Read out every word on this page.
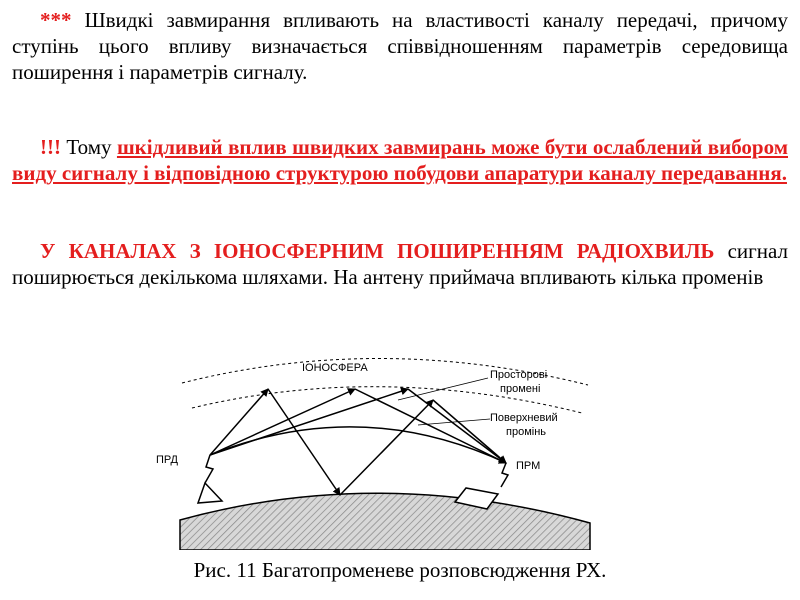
*** Швидкі завмирання впливають на властивості каналу передачі, причому ступінь цього впливу визначається співвідношенням параметрів середовища поширення і параметрів сигналу.
!!! Тому шкідливий вплив швидких завмирань може бути ослаблений вибором виду сигналу і відповідною структурою побудови апаратури каналу передавання.
У КАНАЛАХ З ІОНОСФЕРНИМ ПОШИРЕННЯМ РАДІОХВИЛЬ сигнал поширюється декількома шляхами. На антену приймача впливають кілька променів
ІОНОСФЕРА
ПРД	ПРМ
Просторові
промені
Поверхневий
промінь
Рис. 11 Багатопроменеве розповсюдження РХ.
